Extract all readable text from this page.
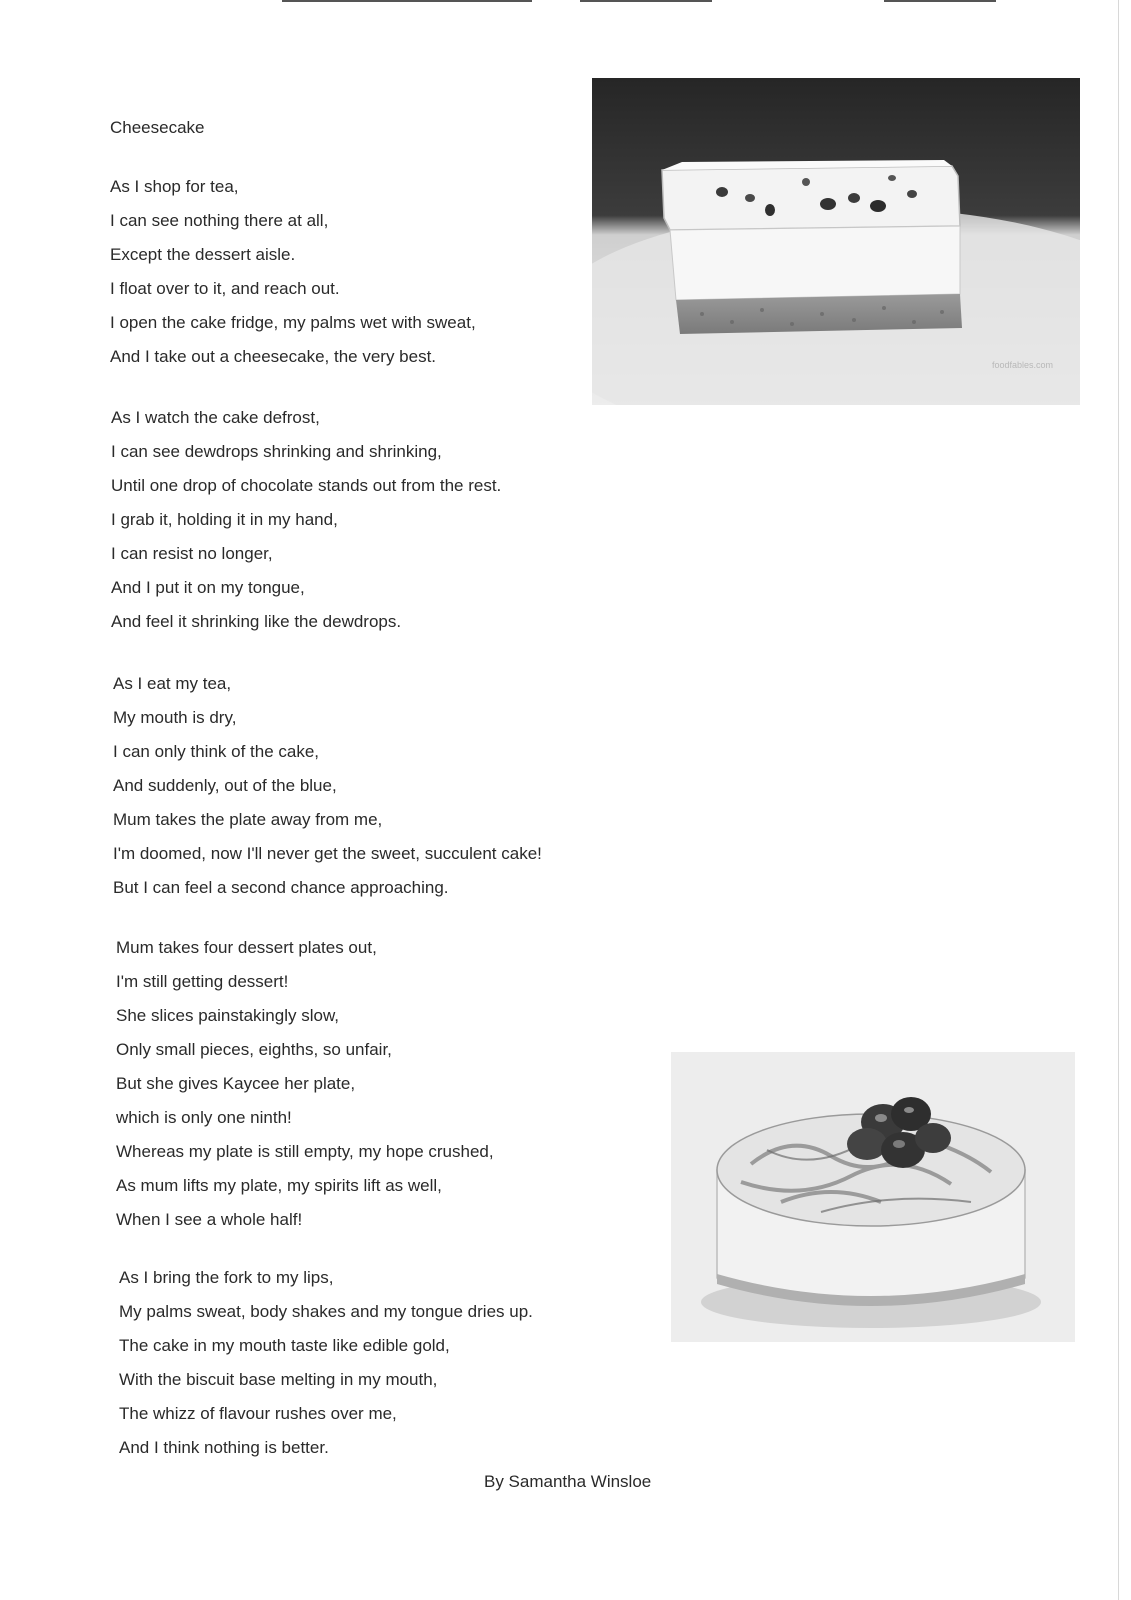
Cheesecake
As I shop for tea,
I can see nothing there at all,
Except the dessert aisle.
I float over to it, and reach out.
I open the cake fridge, my palms wet with sweat,
And I take out a cheesecake, the very best.
As I watch the cake defrost,
I can see dewdrops shrinking and shrinking,
Until one drop of chocolate stands out from the rest.
I grab it, holding it in my hand,
I can resist no longer,
And I put it on my tongue,
And feel it shrinking like the dewdrops.
As I eat my tea,
My mouth is dry,
I can only think of the cake,
And suddenly, out of the blue,
Mum takes the plate away from me,
I'm doomed, now I'll never get the sweet, succulent cake!
But I can feel a second chance approaching.
Mum takes four dessert plates out,
I'm still getting dessert!
She slices painstakingly slow,
Only small pieces, eighths, so unfair,
But she gives Kaycee her plate,
which is only one ninth!
Whereas my plate is still empty, my hope crushed,
As mum lifts my plate, my spirits lift as well,
When I see a whole half!
As I bring the fork to my lips,
My palms sweat, body shakes and my tongue dries up.
The cake in my mouth taste like edible gold,
With the biscuit base melting in my mouth,
The whizz of flavour rushes over me,
And I think nothing is better.
By Samantha Winsloe
foodfables.com
